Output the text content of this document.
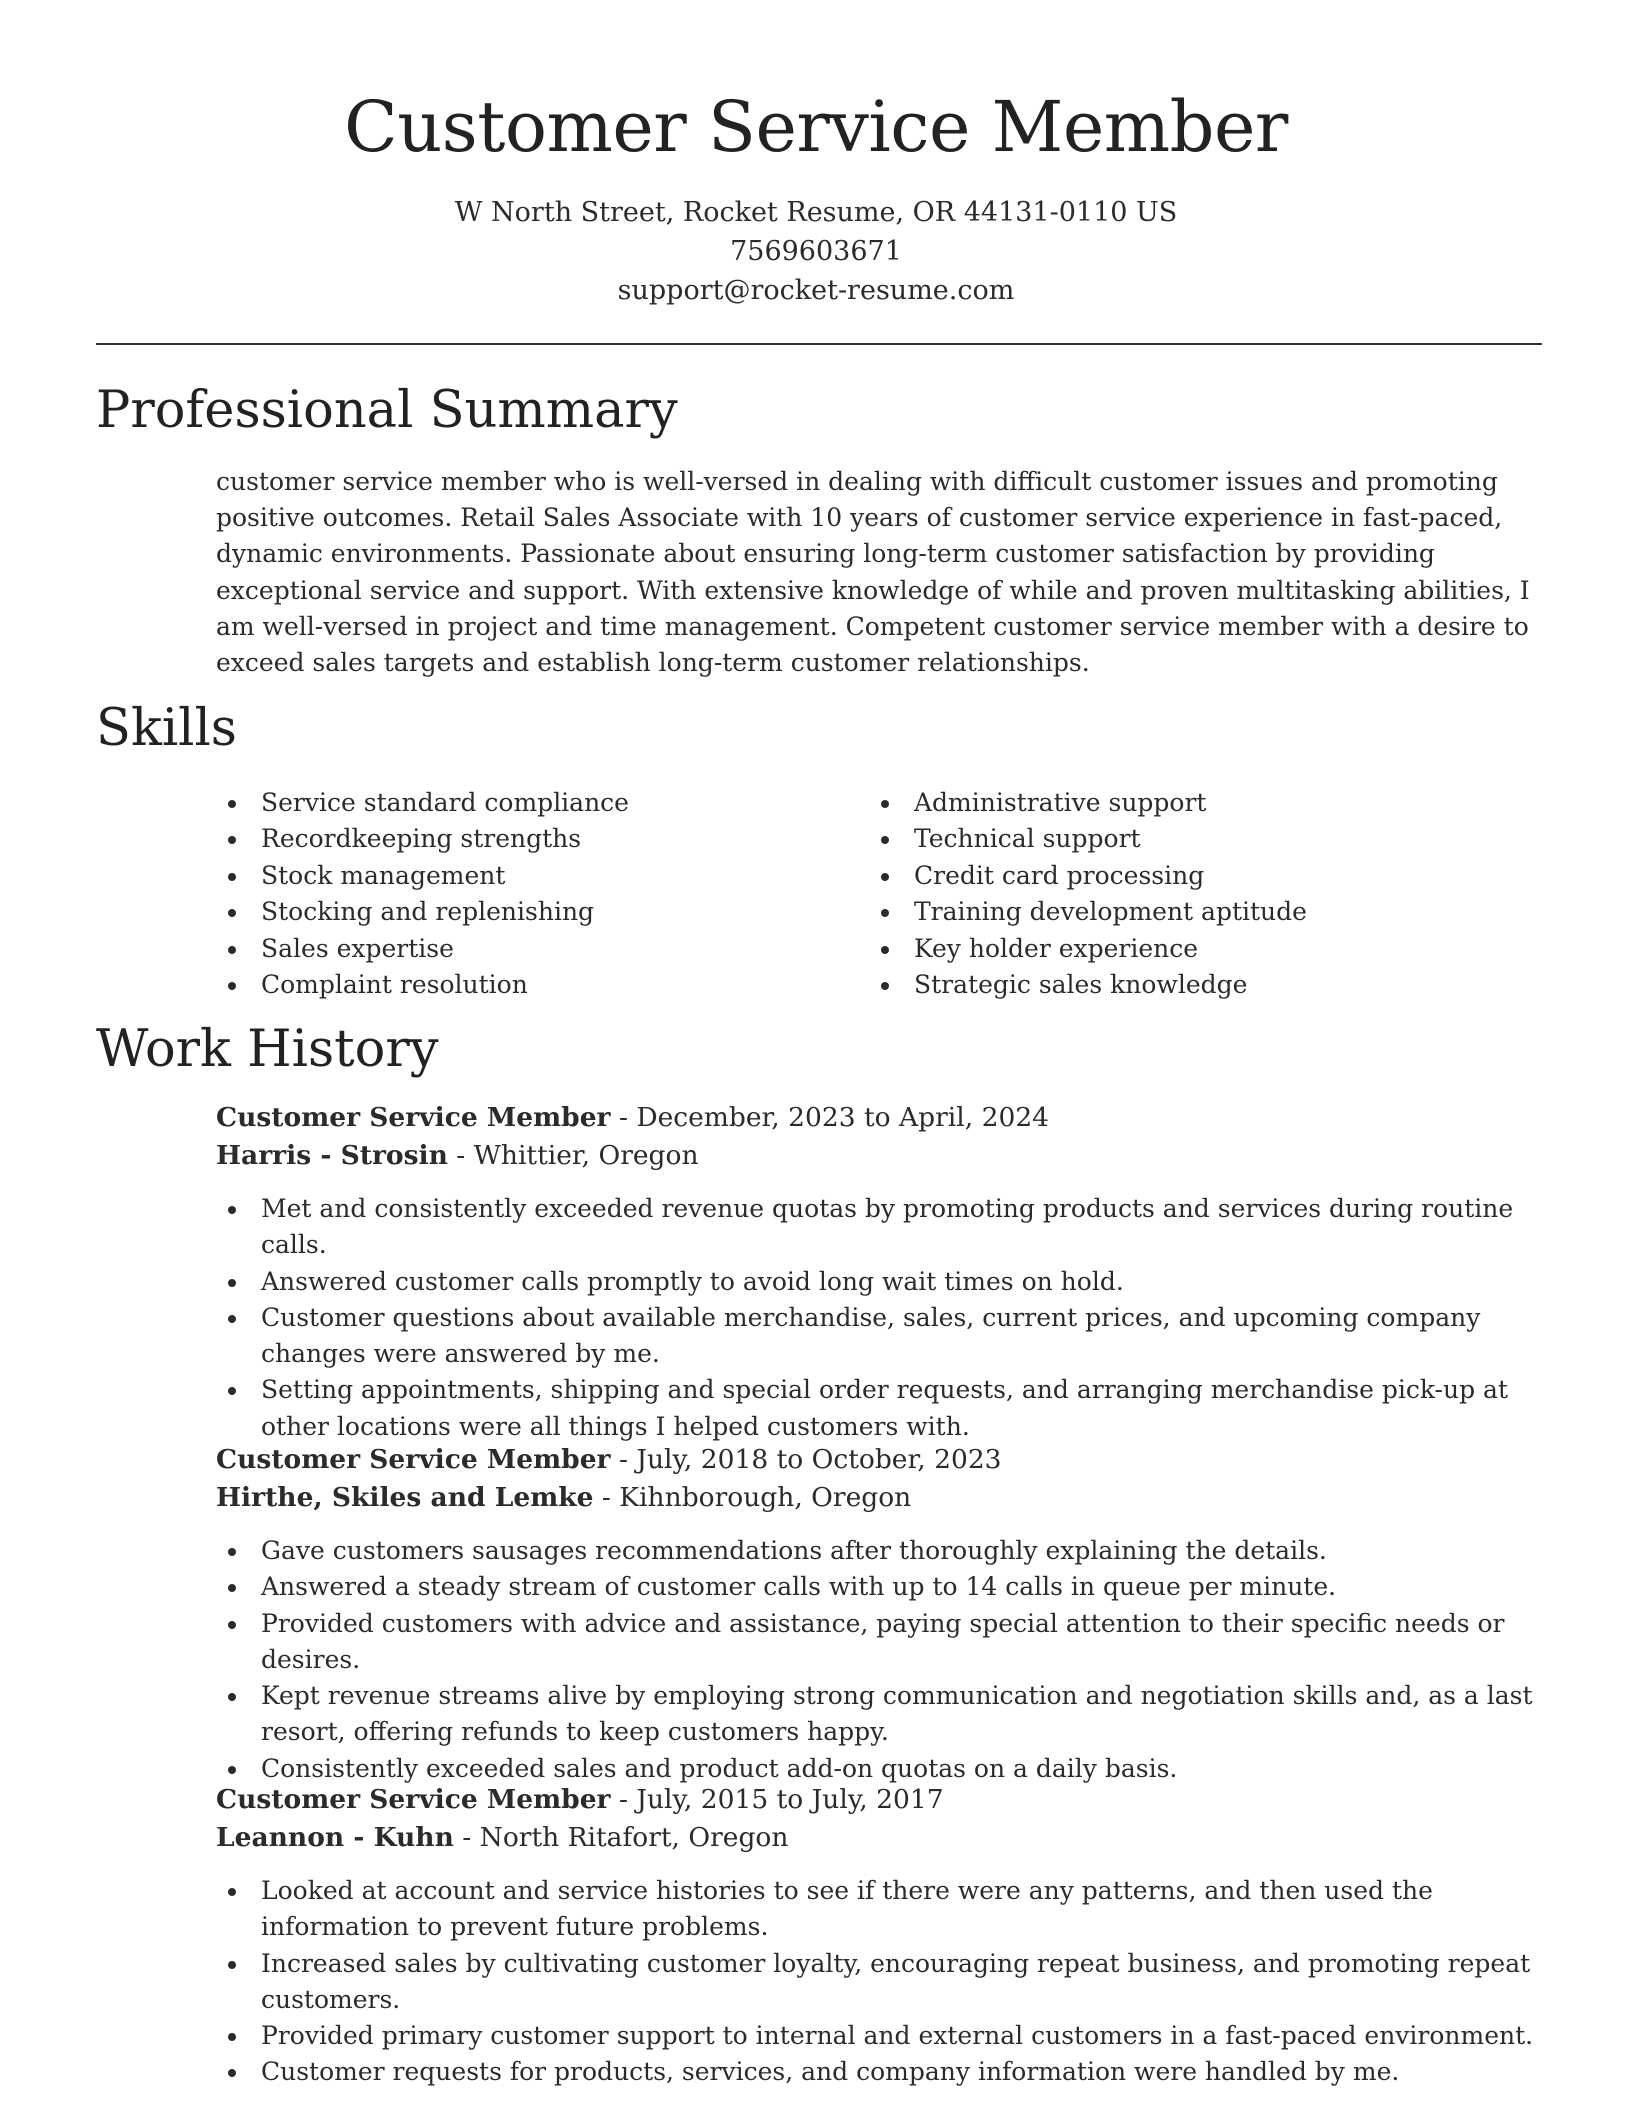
Customer Service Member
W North Street, Rocket Resume, OR 44131-0110 US
7569603671
support@rocket-resume.com
Professional Summary
customer service member who is well-versed in dealing with difficult customer issues and promoting positive outcomes. Retail Sales Associate with 10 years of customer service experience in fast-paced, dynamic environments. Passionate about ensuring long-term customer satisfaction by providing exceptional service and support. With extensive knowledge of while and proven multitasking abilities, I am well-versed in project and time management. Competent customer service member with a desire to exceed sales targets and establish long-term customer relationships.
Skills
Service standard compliance
Recordkeeping strengths
Stock management
Stocking and replenishing
Sales expertise
Complaint resolution
Administrative support
Technical support
Credit card processing
Training development aptitude
Key holder experience
Strategic sales knowledge
Work History
Customer Service Member - December, 2023 to April, 2024
Harris - Strosin - Whittier, Oregon
Met and consistently exceeded revenue quotas by promoting products and services during routine calls.
Answered customer calls promptly to avoid long wait times on hold.
Customer questions about available merchandise, sales, current prices, and upcoming company changes were answered by me.
Setting appointments, shipping and special order requests, and arranging merchandise pick-up at other locations were all things I helped customers with.
Customer Service Member - July, 2018 to October, 2023
Hirthe, Skiles and Lemke - Kihnborough, Oregon
Gave customers sausages recommendations after thoroughly explaining the details.
Answered a steady stream of customer calls with up to 14 calls in queue per minute.
Provided customers with advice and assistance, paying special attention to their specific needs or desires.
Kept revenue streams alive by employing strong communication and negotiation skills and, as a last resort, offering refunds to keep customers happy.
Consistently exceeded sales and product add-on quotas on a daily basis.
Customer Service Member - July, 2015 to July, 2017
Leannon - Kuhn - North Ritafort, Oregon
Looked at account and service histories to see if there were any patterns, and then used the information to prevent future problems.
Increased sales by cultivating customer loyalty, encouraging repeat business, and promoting repeat customers.
Provided primary customer support to internal and external customers in a fast-paced environment.
Customer requests for products, services, and company information were handled by me.
